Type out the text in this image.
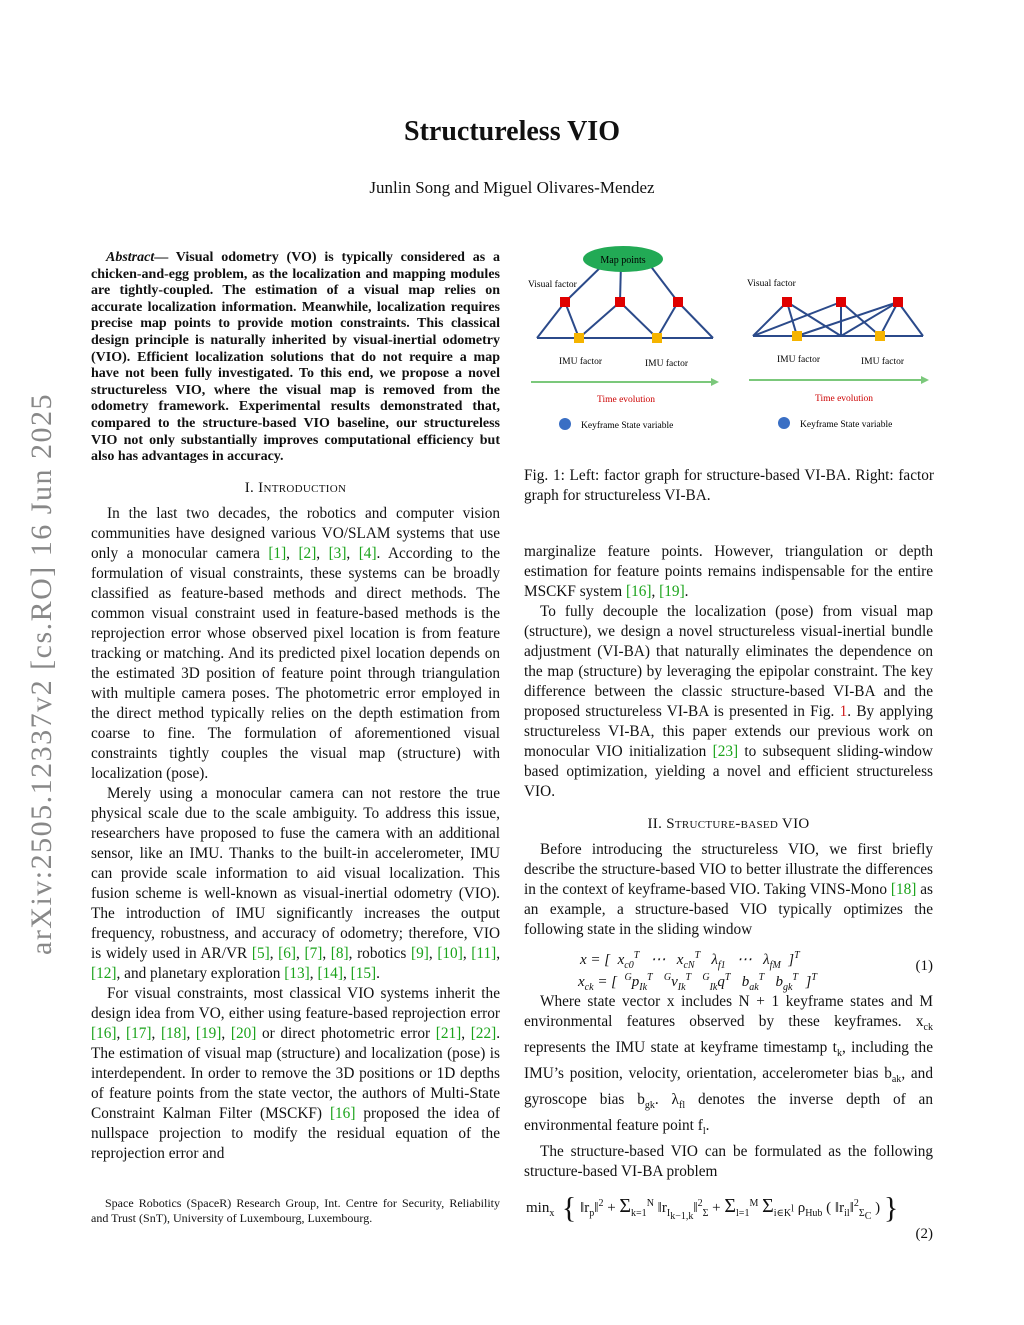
arXiv:2505.12337v2 [cs.RO] 16 Jun 2025
Structureless VIO
Junlin Song and Miguel Olivares-Mendez

Abstract— Visual odometry (VO) is typically considered as a chicken-and-egg problem, as the localization and mapping modules are tightly-coupled. The estimation of a visual map relies on accurate localization information. Meanwhile, localization requires precise map points to provide motion constraints. This classical design principle is naturally inherited by visual-inertial odometry (VIO). Efficient localization solutions that do not require a map have not been fully investigated. To this end, we propose a novel structureless VIO, where the visual map is removed from the odometry framework. Experimental results demonstrated that, compared to the structure-based VIO baseline, our structureless VIO not only substantially improves computational efficiency but also has advantages in accuracy.

I. Introduction

In the last two decades, the robotics and computer vision communities have designed various VO/SLAM systems that use only a monocular camera [1], [2], [3], [4]. According to the formulation of visual constraints, these systems can be broadly classified as feature-based methods and direct methods. The common visual constraint used in feature-based methods is the reprojection error whose observed pixel location is from feature tracking or matching. And its predicted pixel location depends on the estimated 3D position of feature point through triangulation with multiple camera poses. The photometric error employed in the direct method typically relies on the depth estimation from coarse to fine. The formulation of aforementioned visual constraints tightly couples the visual map (structure) with localization (pose).

Merely using a monocular camera can not restore the true physical scale due to the scale ambiguity. To address this issue, researchers have proposed to fuse the camera with an additional sensor, like an IMU. Thanks to the built-in accelerometer, IMU can provide scale information to aid visual localization. This fusion scheme is well-known as visual-inertial odometry (VIO). The introduction of IMU significantly increases the output frequency, robustness, and accuracy of odometry; therefore, VIO is widely used in AR/VR [5], [6], [7], [8], robotics [9], [10], [11], [12], and planetary exploration [13], [14], [15].

For visual constraints, most classical VIO systems inherit the design idea from VO, either using feature-based reprojection error [16], [17], [18], [19], [20] or direct photometric error [21], [22]. The estimation of visual map (structure) and localization (pose) is interdependent. In order to remove the 3D positions or 1D depths of feature points from the state vector, the authors of Multi-State Constraint Kalman Filter (MSCKF) [16] proposed the idea of nullspace projection to modify the residual equation of the reprojection error and

Space Robotics (SpaceR) Research Group, Int. Centre for Security, Reliability and Trust (SnT), University of Luxembourg, Luxembourg.
Map points
Visual factor
IMU factor	IMU factor
Time evolution
Keyframe State variable
Visual factor
IMU factor	IMU factor
Time evolution
Keyframe State variable
Fig. 1: Left: factor graph for structure-based VI-BA. Right: factor graph for structureless VI-BA.

marginalize feature points. However, triangulation or depth estimation for feature points remains indispensable for the entire MSCKF system [16], [19].

To fully decouple the localization (pose) from visual map (structure), we design a novel structureless visual-inertial bundle adjustment (VI-BA) that naturally eliminates the dependence on the map (structure) by leveraging the epipolar constraint. The key difference between the classic structure-based VI-BA and the proposed structureless VI-BA is presented in Fig. 1. By applying structureless VI-BA, this paper extends our previous work on monocular VIO initialization [23] to subsequent sliding-window based optimization, yielding a novel and efficient structureless VIO.

II. Structure-based VIO

Before introducing the structureless VIO, we first briefly describe the structure-based VIO to better illustrate the differences in the context of keyframe-based VIO. Taking VINS-Mono [18] as an example, a structure-based VIO typically optimizes the following state in the sliding window

x = [  $x_{c0}^T$   ⋯   $x_{cN}^T$   $\lambda_{f1}$   ⋯   $\lambda_{fM}$  ]$^T$
$x_{ck}$ = [  $^Gp_{Ik}^T$ $^Gv_{Ik}^T$ $^G_{Ik}q^T$   $b_{ak}^T$   $b_{gk}^T$  ]$^T$
(1)

Where state vector x includes N + 1 keyframe states and M environmental features observed by these keyframes. $x_{ck}$ represents the IMU state at keyframe timestamp $t_k$, including the IMU’s position, velocity, orientation, accelerometer bias $b_{ak}$, and gyroscope bias $b_{gk}$. $\lambda_{fl}$ denotes the inverse depth of an environmental feature point $f_l$.

The structure-based VIO can be formulated as the following structure-based VI-BA problem

$\min_x$ { $‖r_p‖^2 + \Sigma_{k=1}^N$ $‖r_{I_{k-1,k}}‖^2_\Sigma + \Sigma_{l=1}^M$ $\Sigma_{i\in K^l}$ $\rho_{Hub}$ ( $‖r_{il}‖^2_{\Sigma_C}$ ) }
(2)
